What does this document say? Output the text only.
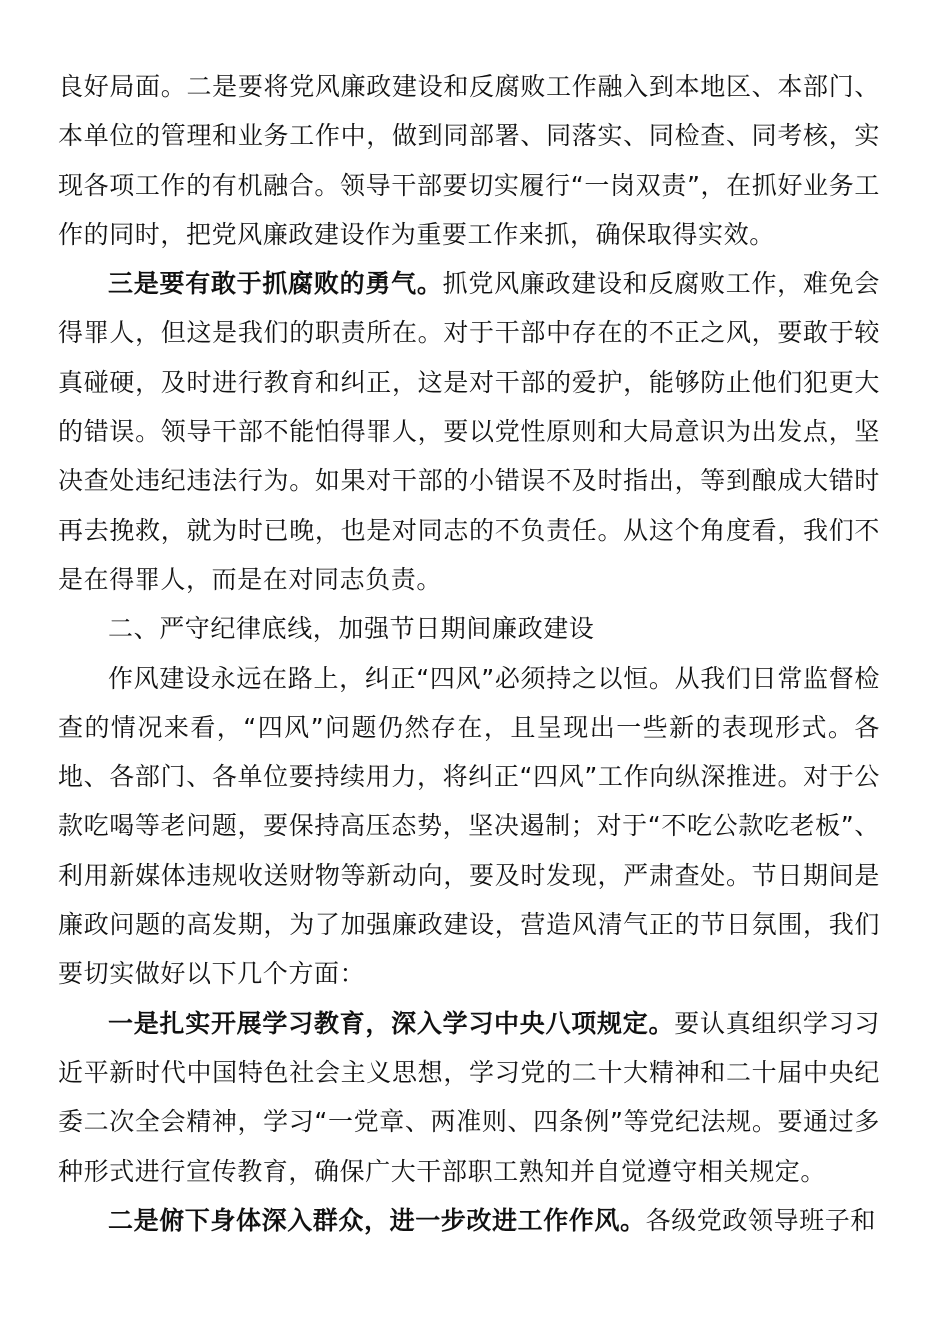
良好局面。二是要将党风廉政建设和反腐败工作融入到本地区、本部门、本单位的管理和业务工作中，做到同部署、同落实、同检查、同考核，实现各项工作的有机融合。领导干部要切实履行“一岗双责”，在抓好业务工作的同时，把党风廉政建设作为重要工作来抓，确保取得实效。

三是要有敢于抓腐败的勇气。抓党风廉政建设和反腐败工作，难免会得罪人，但这是我们的职责所在。对于干部中存在的不正之风，要敢于较真碰硬，及时进行教育和纠正，这是对干部的爱护，能够防止他们犯更大的错误。领导干部不能怕得罪人，要以党性原则和大局意识为出发点，坚决查处违纪违法行为。如果对干部的小错误不及时指出，等到酿成大错时再去挽救，就为时已晚，也是对同志的不负责任。从这个角度看，我们不是在得罪人，而是在对同志负责。

二、严守纪律底线，加强节日期间廉政建设

作风建设永远在路上，纠正“四风”必须持之以恒。从我们日常监督检查的情况来看，“四风”问题仍然存在，且呈现出一些新的表现形式。各地、各部门、各单位要持续用力，将纠正“四风”工作向纵深推进。对于公款吃喝等老问题，要保持高压态势，坚决遏制；对于“不吃公款吃老板”、利用新媒体违规收送财物等新动向，要及时发现，严肃查处。节日期间是廉政问题的高发期，为了加强廉政建设，营造风清气正的节日氛围，我们要切实做好以下几个方面：

一是扎实开展学习教育，深入学习中央八项规定。要认真组织学习习近平新时代中国特色社会主义思想，学习党的二十大精神和二十届中央纪委二次全会精神，学习“一党章、两准则、四条例”等党纪法规。要通过多种形式进行宣传教育，确保广大干部职工熟知并自觉遵守相关规定。

二是俯下身体深入群众，进一步改进工作作风。各级党政领导班子和
